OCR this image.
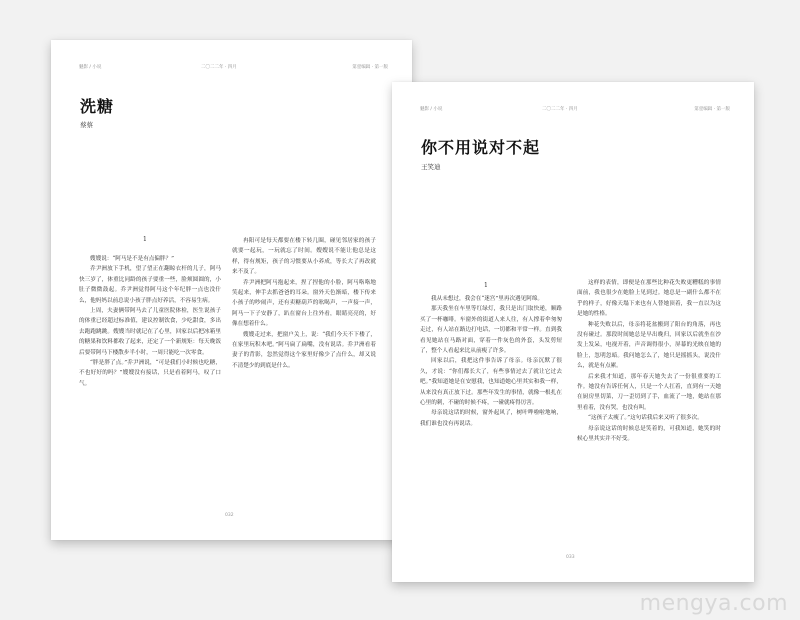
魅影 / 小说	二〇二二年 · 四月	第壹编辑 · 第一版
洗糖
蔡蔡
1

嫂嫂说：“阿马是不是有点偏胖？”

乔尹洲放下手机，望了望正在翻晾衣杆的儿子，阿马快三岁了，体重比同龄的孩子要重一些，脸颊圆圆的，小肚子微微鼓起。乔尹洲觉得阿马这个年纪胖一点也没什么，他妈妈以前总说小孩子胖点好养活，不容易生病。

上周，夫妻俩带阿马去了儿童医院体检，医生说孩子的体重已经超过标准值，建议控制饮食，少吃甜食，多出去跑跑跳跳。嫂嫂当时就记在了心里，回家以后把冰箱里的糖果和饮料都收了起来，还定了一个新规矩：每天晚饭后要带阿马下楼散步半小时，一周只能吃一次零食。

“胖是胖了点。”乔尹洲说，“可是我们小时候也吃糖，不也好好的吗？”嫂嫂没有接话，只是看着阿马，叹了口气。

冉阳可是每天都要在楼下转几圈，碰见邻居家的孩子就要一起玩，一玩就忘了时间。嫂嫂说不能让他总是这样，得有规矩，孩子的习惯要从小养成，等长大了再改就来不及了。

乔尹洲把阿马抱起来，捏了捏他的小脸，阿马咯咯地笑起来，伸手去抓爸爸的耳朵。窗外天色渐暗，楼下传来小孩子的吵闹声，还有卖糖葫芦的吆喝声，一声接一声，阿马一下子安静了，趴在窗台上往外看，眼睛亮亮的，好像在想着什么。

嫂嫂走过来，把窗户关上，说：“我们今天不下楼了，在家里玩积木吧。”阿马扁了扁嘴，没有说话。乔尹洲看着妻子的背影，忽然觉得这个家里好像少了点什么，却又说不清楚少的到底是什么。

032
魅影 / 小说	二〇二二年 · 四月	第壹编辑 · 第一版
你不用说对不起
王笑迪
1

我从未想过，我会在“迷宫”里再次遇见阿绵。

那天我坐在车里等红绿灯，我只是出门取快递，顺路买了一杯咖啡。车窗外的街道人来人往，有人撑着伞匆匆走过，有人站在路边打电话，一切都和平常一样。直到我看见她站在马路对面，穿着一件灰色的外套，头发剪短了，整个人看起来比从前瘦了许多。

回家以后，我把这件事告诉了母亲。母亲沉默了很久，才说：“你们都长大了，有些事情过去了就让它过去吧。”我知道她是在安慰我，也知道她心里其实和我一样，从来没有真正放下过。那些年发生的事情，就像一根扎在心里的刺，不碰的时候不疼，一碰就疼得厉害。

母亲说这话的时候，窗外起风了，树叶哗啦啦地响，我们谁也没有再说话。

这样的表情，即便是在那些比种花失败更糟糕的事情面前，我也很少在她脸上见到过。她总是一副什么都不在乎的样子，好像天塌下来也有人替她顶着，我一直以为这是她的性格。

种花失败以后，母亲将花盆搬到了阳台的角落，再也没有碰过。那段时间她总是早出晚归，回家以后就坐在沙发上发呆，电视开着，声音调得很小，屏幕的光映在她的脸上，忽明忽暗。我问她怎么了，她只是摇摇头，说没什么，就是有点累。

后来我才知道，那年春天她失去了一份很重要的工作。她没有告诉任何人，只是一个人扛着，直到有一天她在厨房里切菜，刀一歪切到了手，血流了一地，她站在那里看着，没有哭，也没有叫。

“这孩子太瘦了。”这句话我后来又听了很多次。

母亲说这话的时候总是笑着的，可我知道，她笑的时候心里其实并不好受。

033
mengya.com
